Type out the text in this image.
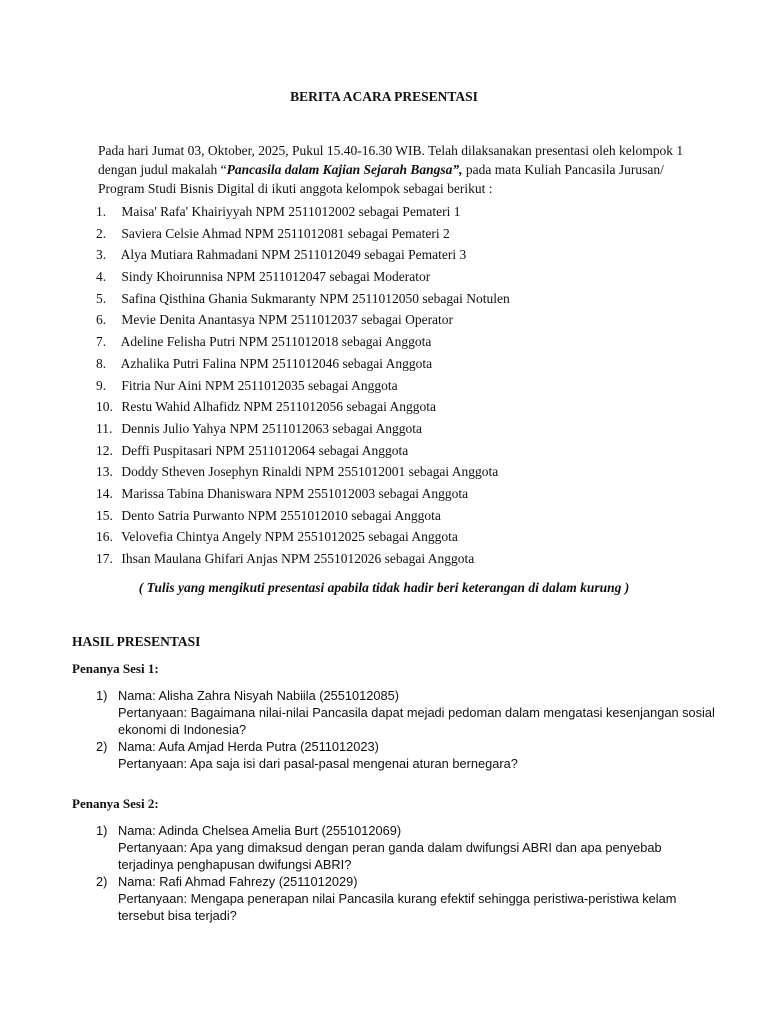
BERITA ACARA PRESENTASI
Pada hari Jumat 03, Oktober, 2025, Pukul 15.40-16.30 WIB. Telah dilaksanakan presentasi oleh kelompok 1 dengan judul makalah “Pancasila dalam Kajian Sejarah Bangsa”, pada mata Kuliah Pancasila Jurusan/ Program Studi Bisnis Digital di ikuti anggota kelompok sebagai berikut :
1. Maisa' Rafa' Khairiyyah NPM 2511012002 sebagai Pemateri 1
2. Saviera Celsie Ahmad NPM 2511012081 sebagai Pemateri 2
3. Alya Mutiara Rahmadani NPM 2511012049 sebagai Pemateri 3
4. Sindy Khoirunnisa NPM 2511012047 sebagai Moderator
5. Safina Qisthina Ghania Sukmaranty NPM 2511012050 sebagai Notulen
6. Mevie Denita Anantasya NPM 2511012037 sebagai Operator
7. Adeline Felisha Putri NPM 2511012018 sebagai Anggota
8. Azhalika Putri Falina NPM 2511012046 sebagai Anggota
9. Fitria Nur Aini NPM 2511012035 sebagai Anggota
10. Restu Wahid Alhafidz NPM 2511012056 sebagai Anggota
11. Dennis Julio Yahya NPM 2511012063 sebagai Anggota
12. Deffi Puspitasari NPM 2511012064 sebagai Anggota
13. Doddy Stheven Josephyn Rinaldi NPM 2551012001 sebagai Anggota
14. Marissa Tabina Dhaniswara NPM 2551012003 sebagai Anggota
15. Dento Satria Purwanto NPM 2551012010 sebagai Anggota
16. Velovefia Chintya Angely NPM 2551012025 sebagai Anggota
17. Ihsan Maulana Ghifari Anjas NPM 2551012026 sebagai Anggota
( Tulis yang mengikuti presentasi apabila tidak hadir beri keterangan di dalam kurung )
HASIL PRESENTASI
Penanya Sesi 1:
1) Nama: Alisha Zahra Nisyah Nabiila (2551012085)
Pertanyaan: Bagaimana nilai-nilai Pancasila dapat mejadi pedoman dalam mengatasi kesenjangan sosial ekonomi di Indonesia?
2) Nama: Aufa Amjad Herda Putra (2511012023)
Pertanyaan: Apa saja isi dari pasal-pasal mengenai aturan bernegara?
Penanya Sesi 2:
1) Nama: Adinda Chelsea Amelia Burt (2551012069)
Pertanyaan: Apa yang dimaksud dengan peran ganda dalam dwifungsi ABRI dan apa penyebab terjadinya penghapusan dwifungsi ABRI?
2) Nama: Rafi Ahmad Fahrezy (2511012029)
Pertanyaan: Mengapa penerapan nilai Pancasila kurang efektif sehingga peristiwa-peristiwa kelam tersebut bisa terjadi?
